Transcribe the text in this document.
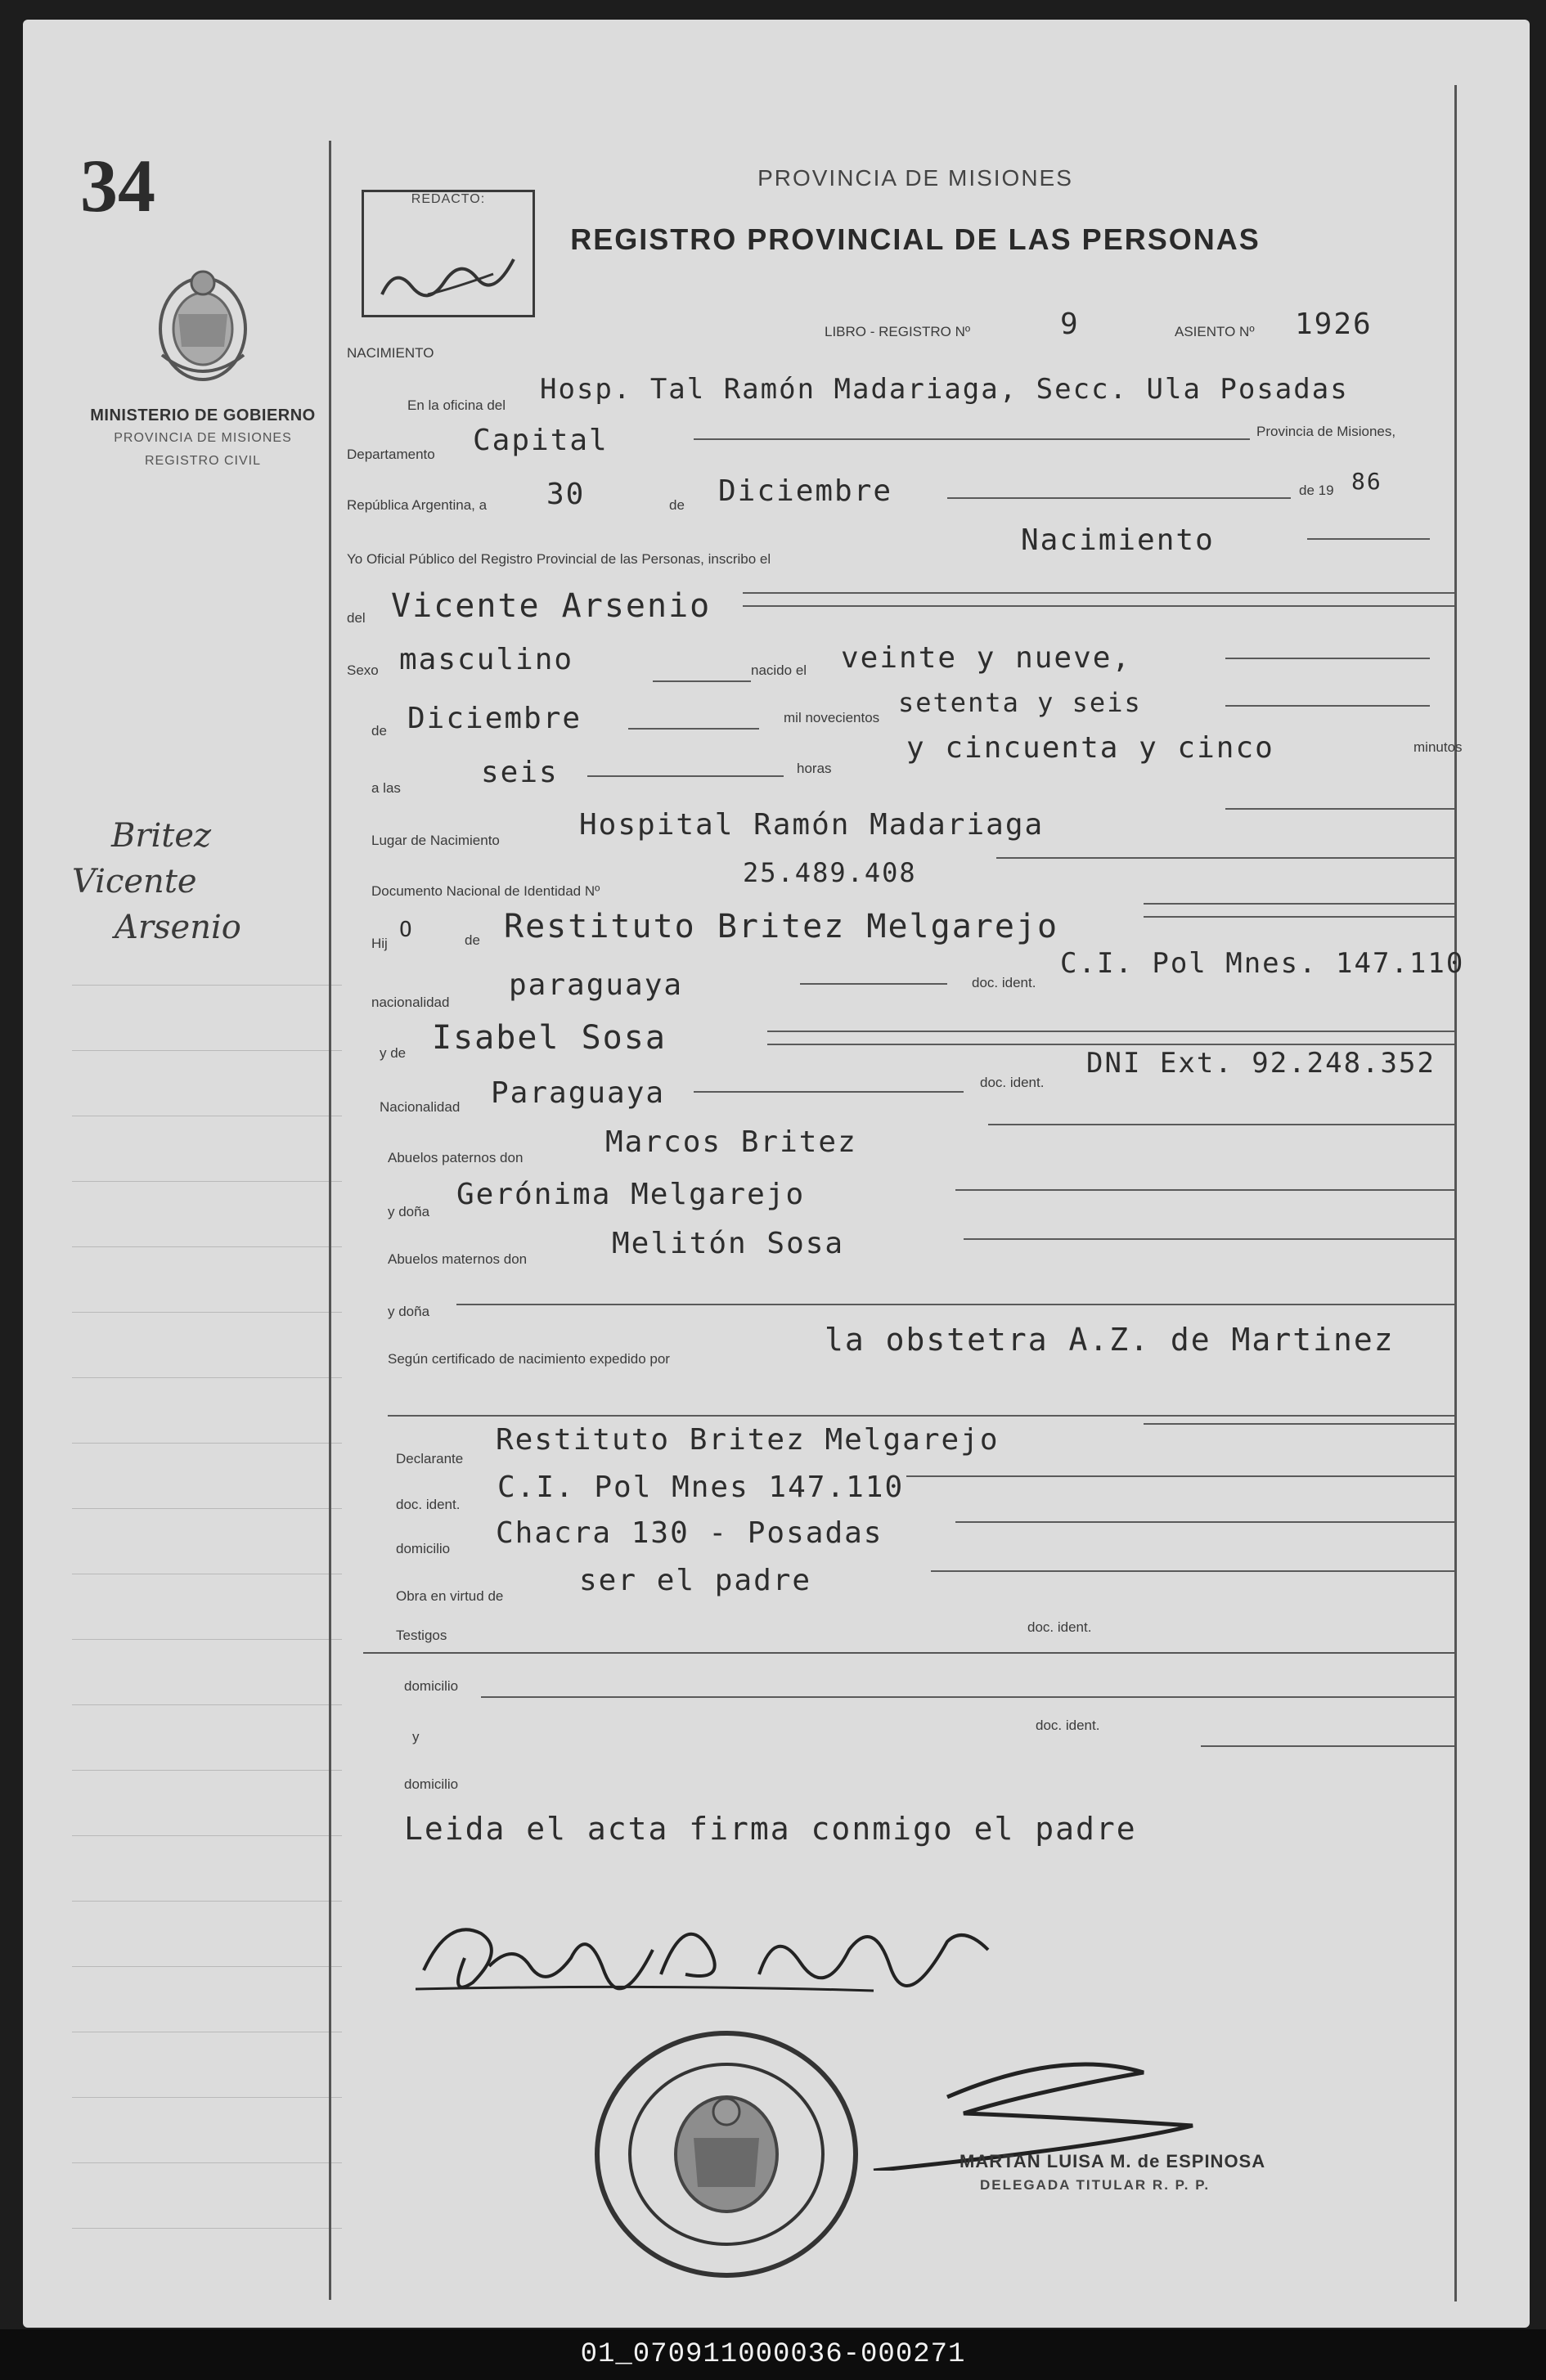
34
MINISTERIO DE GOBIERNO
PROVINCIA DE MISIONES
REGISTRO CIVIL
Britez
Vicente
Arsenio
REDACTO:
PROVINCIA DE MISIONES
REGISTRO PROVINCIAL DE LAS PERSONAS
LIBRO - REGISTRO Nº	9	ASIENTO Nº 1926
NACIMIENTO
En la oficina del Hosp. Tal Ramón Madariaga, Secc. Ula Posadas
Departamento Capital	Provincia de Misiones,
República Argentina, a 30	de Diciembre	de 19 86
Yo Oficial Público del Registro Provincial de las Personas, inscribo el
Nacimiento
del Vicente Arsenio
Sexo masculino	nacido el veinte y nueve,
de Diciembre	mil novecientos setenta y seis
a las	seis	horas
y cincuenta y cinco	minutos
Lugar de Nacimiento	Hospital Ramón Madariaga
Documento Nacional de Identidad Nº
25.489.408
Hij
O	de Restituto Britez Melgarejo
nacionalidad
paraguaya	doc. ident.
C.I. Pol Mnes. 147.110
y de Isabel Sosa
Nacionalidad Paraguaya	doc. ident.
DNI Ext. 92.248.352
Abuelos paternos don	Marcos Britez
y doña
Gerónima Melgarejo
Abuelos maternos don	Melitón Sosa
y doña
Según certificado de nacimiento expedido por
la obstetra A.Z. de Martinez
Declarante
Restituto Britez Melgarejo
doc. ident.
C.I. Pol Mnes 147.110
domicilio Chacra 130 - Posadas
Obra en virtud de	ser el padre
doc. ident.
Testigos
domicilio
y
doc. ident.
domicilio
Leida el acta firma conmigo el padre
MARTAN LUISA M. de ESPINOSA
DELEGADA TITULAR R. P. P.
01_070911000036-000271
